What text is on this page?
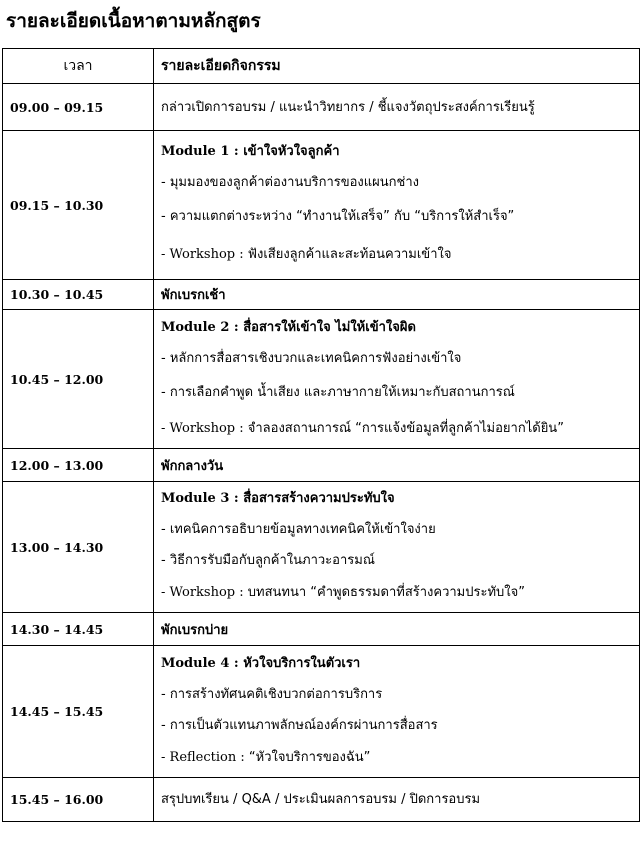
รายละเอียดเนื้อหาตามหลักสูตร
เวลา	รายละเอียดกิจกรรม
09.00 – 09.15	กล่าวเปิดการอบรม / แนะนำวิทยากร / ชี้แจงวัตถุประสงค์การเรียนรู้

09.15 – 10.30	Module 1 : เข้าใจหัวใจลูกค้า
- มุมมองของลูกค้าต่องานบริการของแผนกช่าง
- ความแตกต่างระหว่าง “ทำงานให้เสร็จ” กับ “บริการให้สำเร็จ”
- Workshop : ฟังเสียงลูกค้าและสะท้อนความเข้าใจ

10.30 – 10.45	พักเบรกเช้า
10.45 – 12.00	Module 2 : สื่อสารให้เข้าใจ ไม่ให้เข้าใจผิด
- หลักการสื่อสารเชิงบวกและเทคนิคการฟังอย่างเข้าใจ
- การเลือกคำพูด น้ำเสียง และภาษากายให้เหมาะกับสถานการณ์
- Workshop : จำลองสถานการณ์ “การแจ้งข้อมูลที่ลูกค้าไม่อยากได้ยิน”

12.00 – 13.00	พักกลางวัน
13.00 – 14.30	Module 3 : สื่อสารสร้างความประทับใจ
- เทคนิคการอธิบายข้อมูลทางเทคนิคให้เข้าใจง่าย
- วิธีการรับมือกับลูกค้าในภาวะอารมณ์
- Workshop : บทสนทนา “คำพูดธรรมดาที่สร้างความประทับใจ”

14.30 – 14.45	พักเบรกบ่าย
14.45 – 15.45	Module 4 : หัวใจบริการในตัวเรา
- การสร้างทัศนคติเชิงบวกต่อการบริการ
- การเป็นตัวแทนภาพลักษณ์องค์กรผ่านการสื่อสาร
- Reflection : “หัวใจบริการของฉัน”

15.45 – 16.00	สรุปบทเรียน / Q&A / ประเมินผลการอบรม / ปิดการอบรม
